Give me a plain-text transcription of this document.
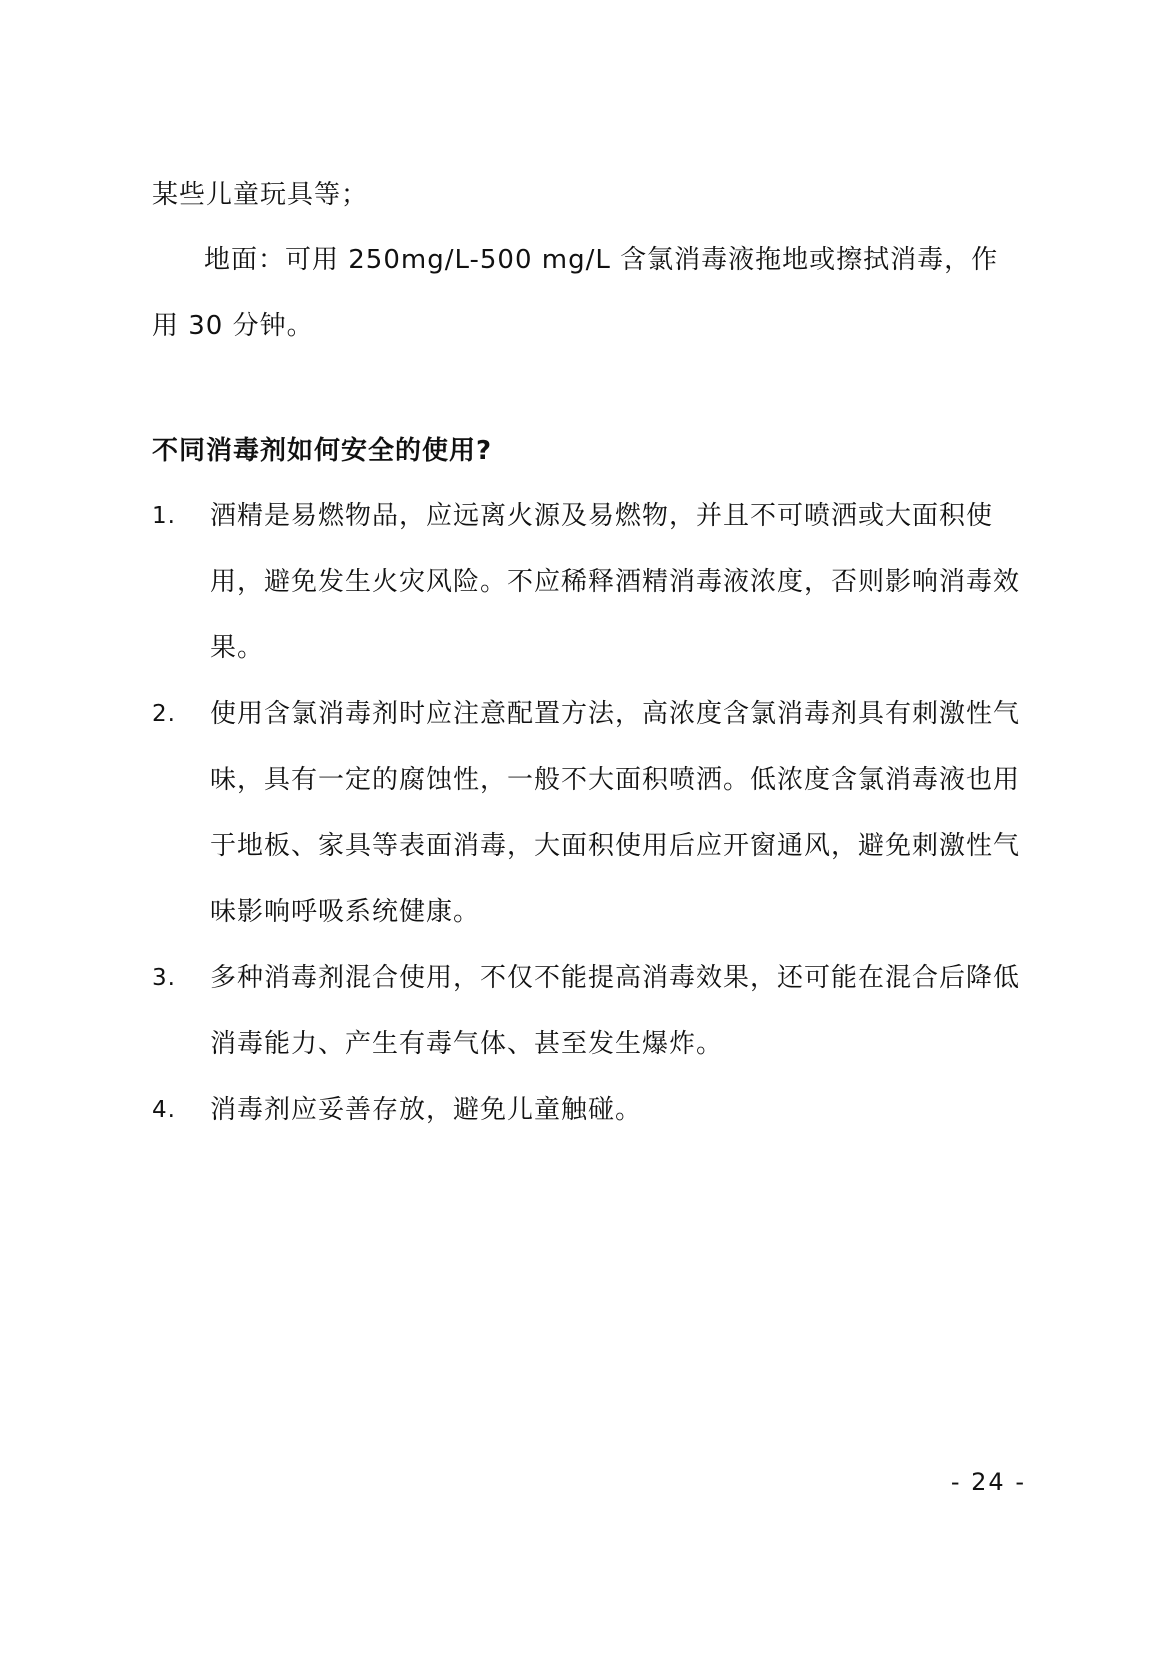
某些儿童玩具等；
地面：可用 250mg/L-500 mg/L 含氯消毒液拖地或擦拭消毒，作用 30 分钟。
不同消毒剂如何安全的使用?
1.	酒精是易燃物品，应远离火源及易燃物，并且不可喷洒或大面积使用，避免发生火灾风险。不应稀释酒精消毒液浓度，否则影响消毒效果。
2.	使用含氯消毒剂时应注意配置方法，高浓度含氯消毒剂具有刺激性气味，具有一定的腐蚀性，一般不大面积喷洒。低浓度含氯消毒液也用于地板、家具等表面消毒，大面积使用后应开窗通风，避免刺激性气味影响呼吸系统健康。
3.	多种消毒剂混合使用，不仅不能提高消毒效果，还可能在混合后降低消毒能力、产生有毒气体、甚至发生爆炸。
4.	消毒剂应妥善存放，避免儿童触碰。
- 24 -
